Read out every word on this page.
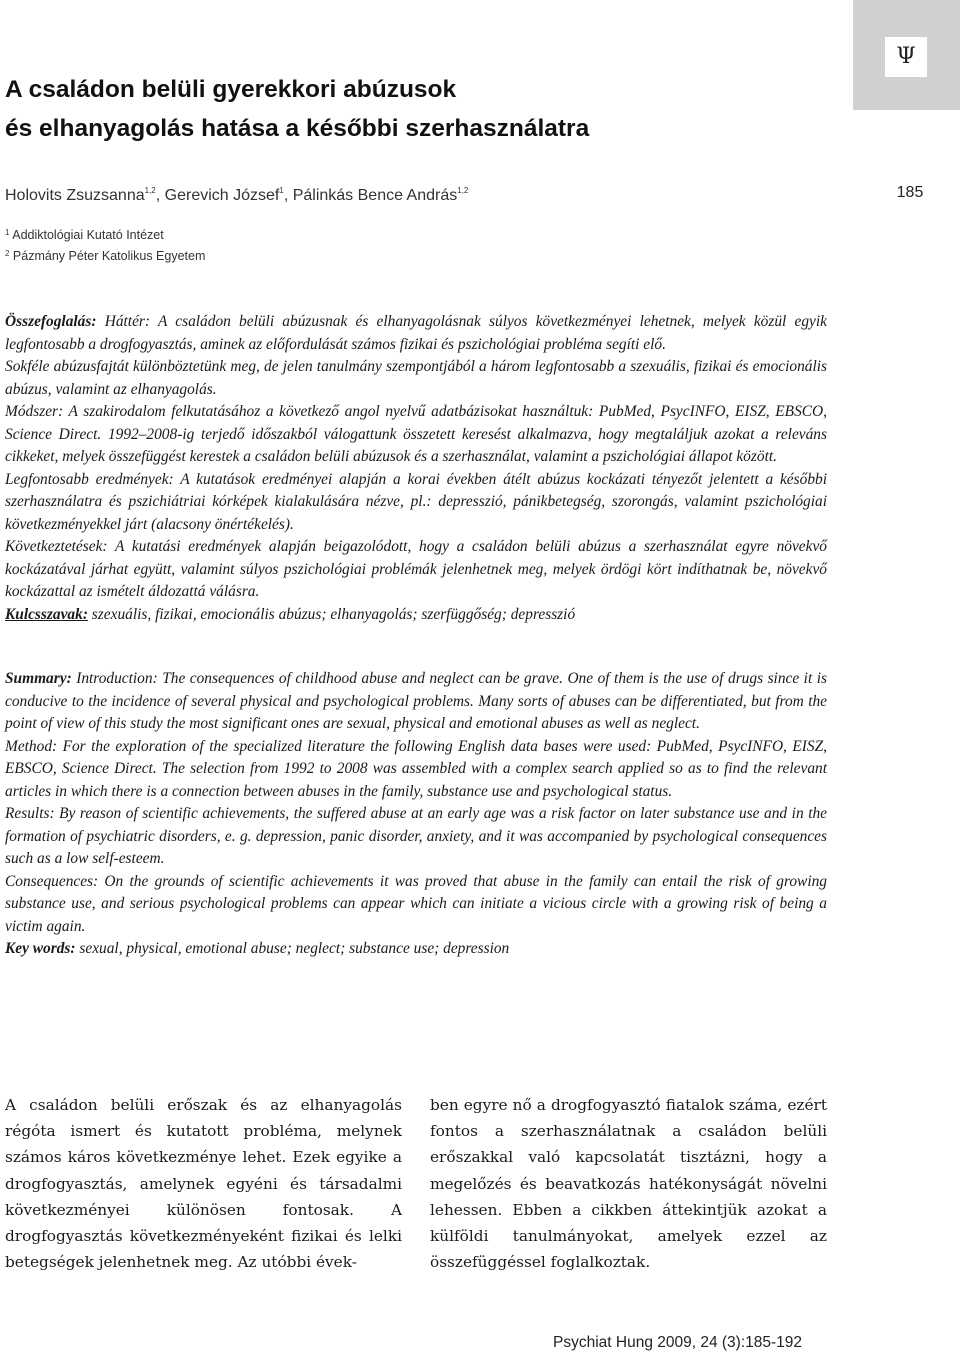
Ψ
185
A családon belüli gyerekkori abúzusok
és elhanyagolás hatása a későbbi szerhasználatra
Holovits Zsuzsanna$^{1,2}$, Gerevich József$^1$, Pálinkás Bence András$^{1,2}$
$^1$ Addiktológiai Kutató Intézet
$^2$ Pázmány Péter Katolikus Egyetem

Összefoglalás: Háttér: A családon belüli abúzusnak és elhanyagolásnak súlyos következményei lehetnek, melyek közül egyik legfontosabb a drogfogyasztás, aminek az előfordulását számos fizikai és pszichológiai probléma segíti elő.

Sokféle abúzusfajtát különböztetünk meg, de jelen tanulmány szempontjából a három legfontosabb a szexuális, fizikai és emocionális abúzus, valamint az elhanyagolás.

Módszer: A szakirodalom felkutatásához a következő angol nyelvű adatbázisokat használtuk: PubMed, PsycINFO, EISZ, EBSCO, Science Direct. 1992–2008-ig terjedő időszakból válogattunk összetett keresést alkalmazva, hogy megtaláljuk azokat a releváns cikkeket, melyek összefüggést kerestek a családon belüli abúzusok és a szerhasználat, valamint a pszichológiai állapot között.

Legfontosabb eredmények: A kutatások eredményei alapján a korai években átélt abúzus kockázati tényezőt jelentett a későbbi szerhasználatra és pszichiátriai kórképek kialakulására nézve, pl.: depresszió, pánikbetegség, szorongás, valamint pszichológiai következményekkel járt (alacsony önértékelés).

Következtetések: A kutatási eredmények alapján beigazolódott, hogy a családon belüli abúzus a szerhasználat egyre növekvő kockázatával járhat együtt, valamint súlyos pszichológiai problémák jelenhetnek meg, melyek ördögi kört indíthatnak be, növekvő kockázattal az ismételt áldozattá válásra.

Kulcsszavak: szexuális, fizikai, emocionális abúzus; elhanyagolás; szerfüggőség; depresszió

Summary: Introduction: The consequences of childhood abuse and neglect can be grave. One of them is the use of drugs since it is conducive to the incidence of several physical and psychological problems. Many sorts of abuses can be differentiated, but from the point of view of this study the most significant ones are sexual, physical and emotional abuses as well as neglect.

Method: For the exploration of the specialized literature the following English data bases were used: PubMed, PsycINFO, EISZ, EBSCO, Science Direct. The selection from 1992 to 2008 was assembled with a complex search applied so as to find the relevant articles in which there is a connection between abuses in the family, substance use and psychological status.

Results: By reason of scientific achievements, the suffered abuse at an early age was a risk factor on later substance use and in the formation of psychiatric disorders, e. g. depression, panic disorder, anxiety, and it was accompanied by psychological consequences such as a low self-esteem.

Consequences: On the grounds of scientific achievements it was proved that abuse in the family can entail the risk of growing substance use, and serious psychological problems can appear which can initiate a vicious circle with a growing risk of being a victim again.

Key words: sexual, physical, emotional abuse; neglect; substance use; depression

A családon belüli erőszak és az elhanyagolás régóta ismert és kutatott probléma, melynek számos káros következménye lehet. Ezek egyike a drogfogyasztás, amelynek egyéni és társadalmi következményei különösen fontosak. A drogfogyasztás következményeként fizikai és lelki betegségek jelenhetnek meg. Az utóbbi évek-

ben egyre nő a drogfogyasztó fiatalok száma, ezért fontos a szerhasználatnak a családon belüli erőszakkal való kapcsolatát tisztázni, hogy a megelőzés és beavatkozás hatékonyságát növelni lehessen. Ebben a cikkben áttekintjük azokat a külföldi tanulmányokat, amelyek ezzel az összefüggéssel foglalkoztak.

Psychiat Hung 2009, 24 (3):185-192
